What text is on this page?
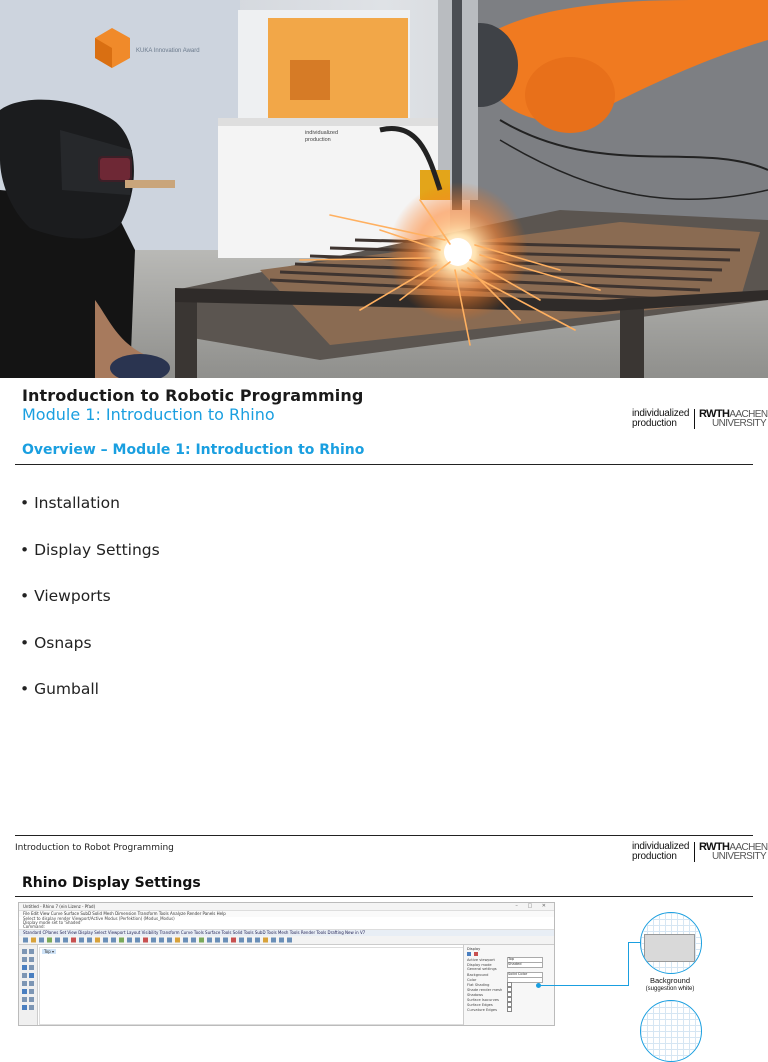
KUKA Innovation Award
individualized
production
Introduction to Robotic Programming
Module 1: Introduction to Rhino	individualized
production
RWTHAACHEN
UNIVERSITY
Overview – Module 1: Introduction to Rhino
• Installation
• Display Settings
• Viewports
• Osnaps
• Gumball
Introduction to Robot Programming	individualized
production
RWTHAACHEN
UNIVERSITY
Rhino Display Settings
Untitled - Rhino 7 (ein Lizenz - Pfad)	– □ ✕
File Edit View Curve Surface SubD Solid Mesh Dimension Transform Tools Analyze Render Panels Help
Select to display render Viewport/Active Modus (Perfektion) (Modus_Modus)
Display mode set to 'Shaded'
Command:
Standard CPlanes Set View Display Select Viewport Layout Visibility Transform Curve Tools Surface Tools Solid Tools SubD Tools Mesh Tools Render Tools Drafting New in V7
Top ▾	Display
Active viewport	Top
Display mode	Shaded
General settings
Background	Solid Color
Color
Flat Shading
Shade render mesh
Shadows
Surface Isocurves
Surface Edges
Curvature Edges
Background
(suggestion white)
